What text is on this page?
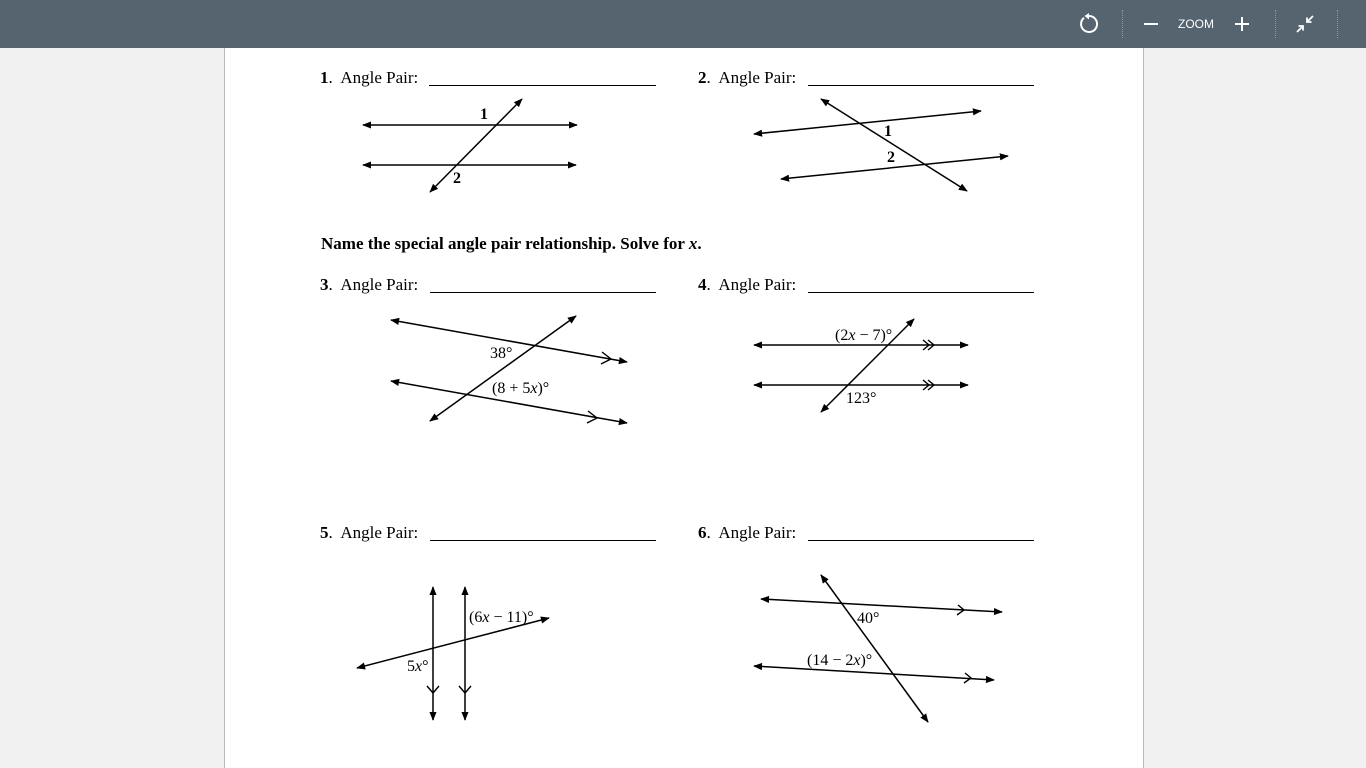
ZOOM
1.  Angle Pair:	2.  Angle Pair:
Name the special angle pair relationship. Solve for x.
3.  Angle Pair:	4.  Angle Pair:
5.  Angle Pair:	6.  Angle Pair:
1
2
1
2
38°
(8 + 5x)°
(2x − 7)°
123°
(6x − 11)°
5x°
40°
(14 − 2x)°
